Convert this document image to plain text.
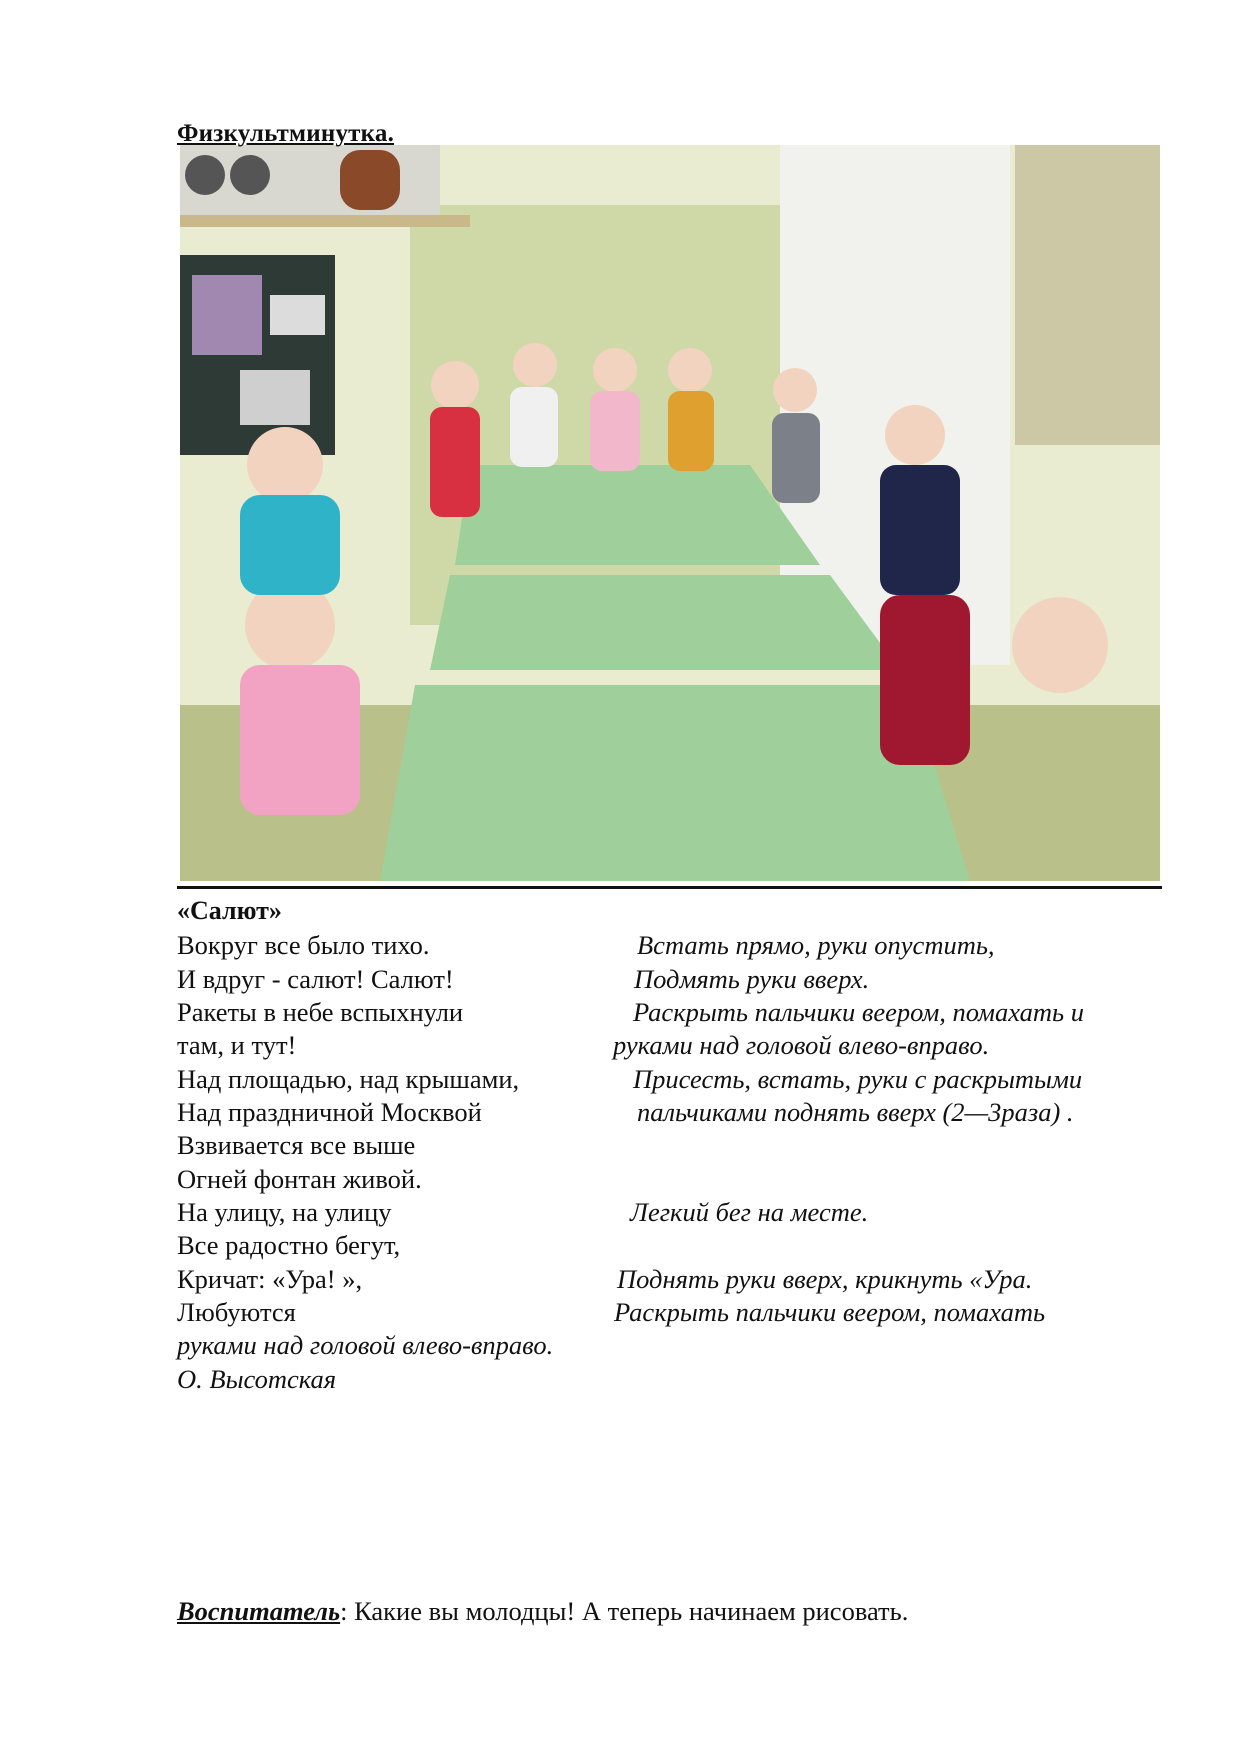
Физкультминутка.
«Салют»
Вокруг все было тихо.	Встать прямо, руки опустить,
И вдруг - салют! Салют!	Подмять руки вверх.
Ракеты в небе вспыхнули	Раскрыть пальчики веером, помахать и
там, и тут!	руками над головой влево-вправо.
Над площадью, над крышами,	Присесть, встать, руки с раскрытыми
Над праздничной Москвой	пальчиками поднять вверх (2—3раза) .
Взвивается все выше
Огней фонтан живой.
На улицу, на улицу	Легкий бег на месте.
Все радостно бегут,
Кричат: «Ура! »,	Поднять руки вверх, крикнуть «Ура.
Любуются	Раскрыть пальчики веером, помахать
руками над головой влево-вправо.
О. Высотская
Воспитатель: Какие вы молодцы! А теперь начинаем рисовать.
